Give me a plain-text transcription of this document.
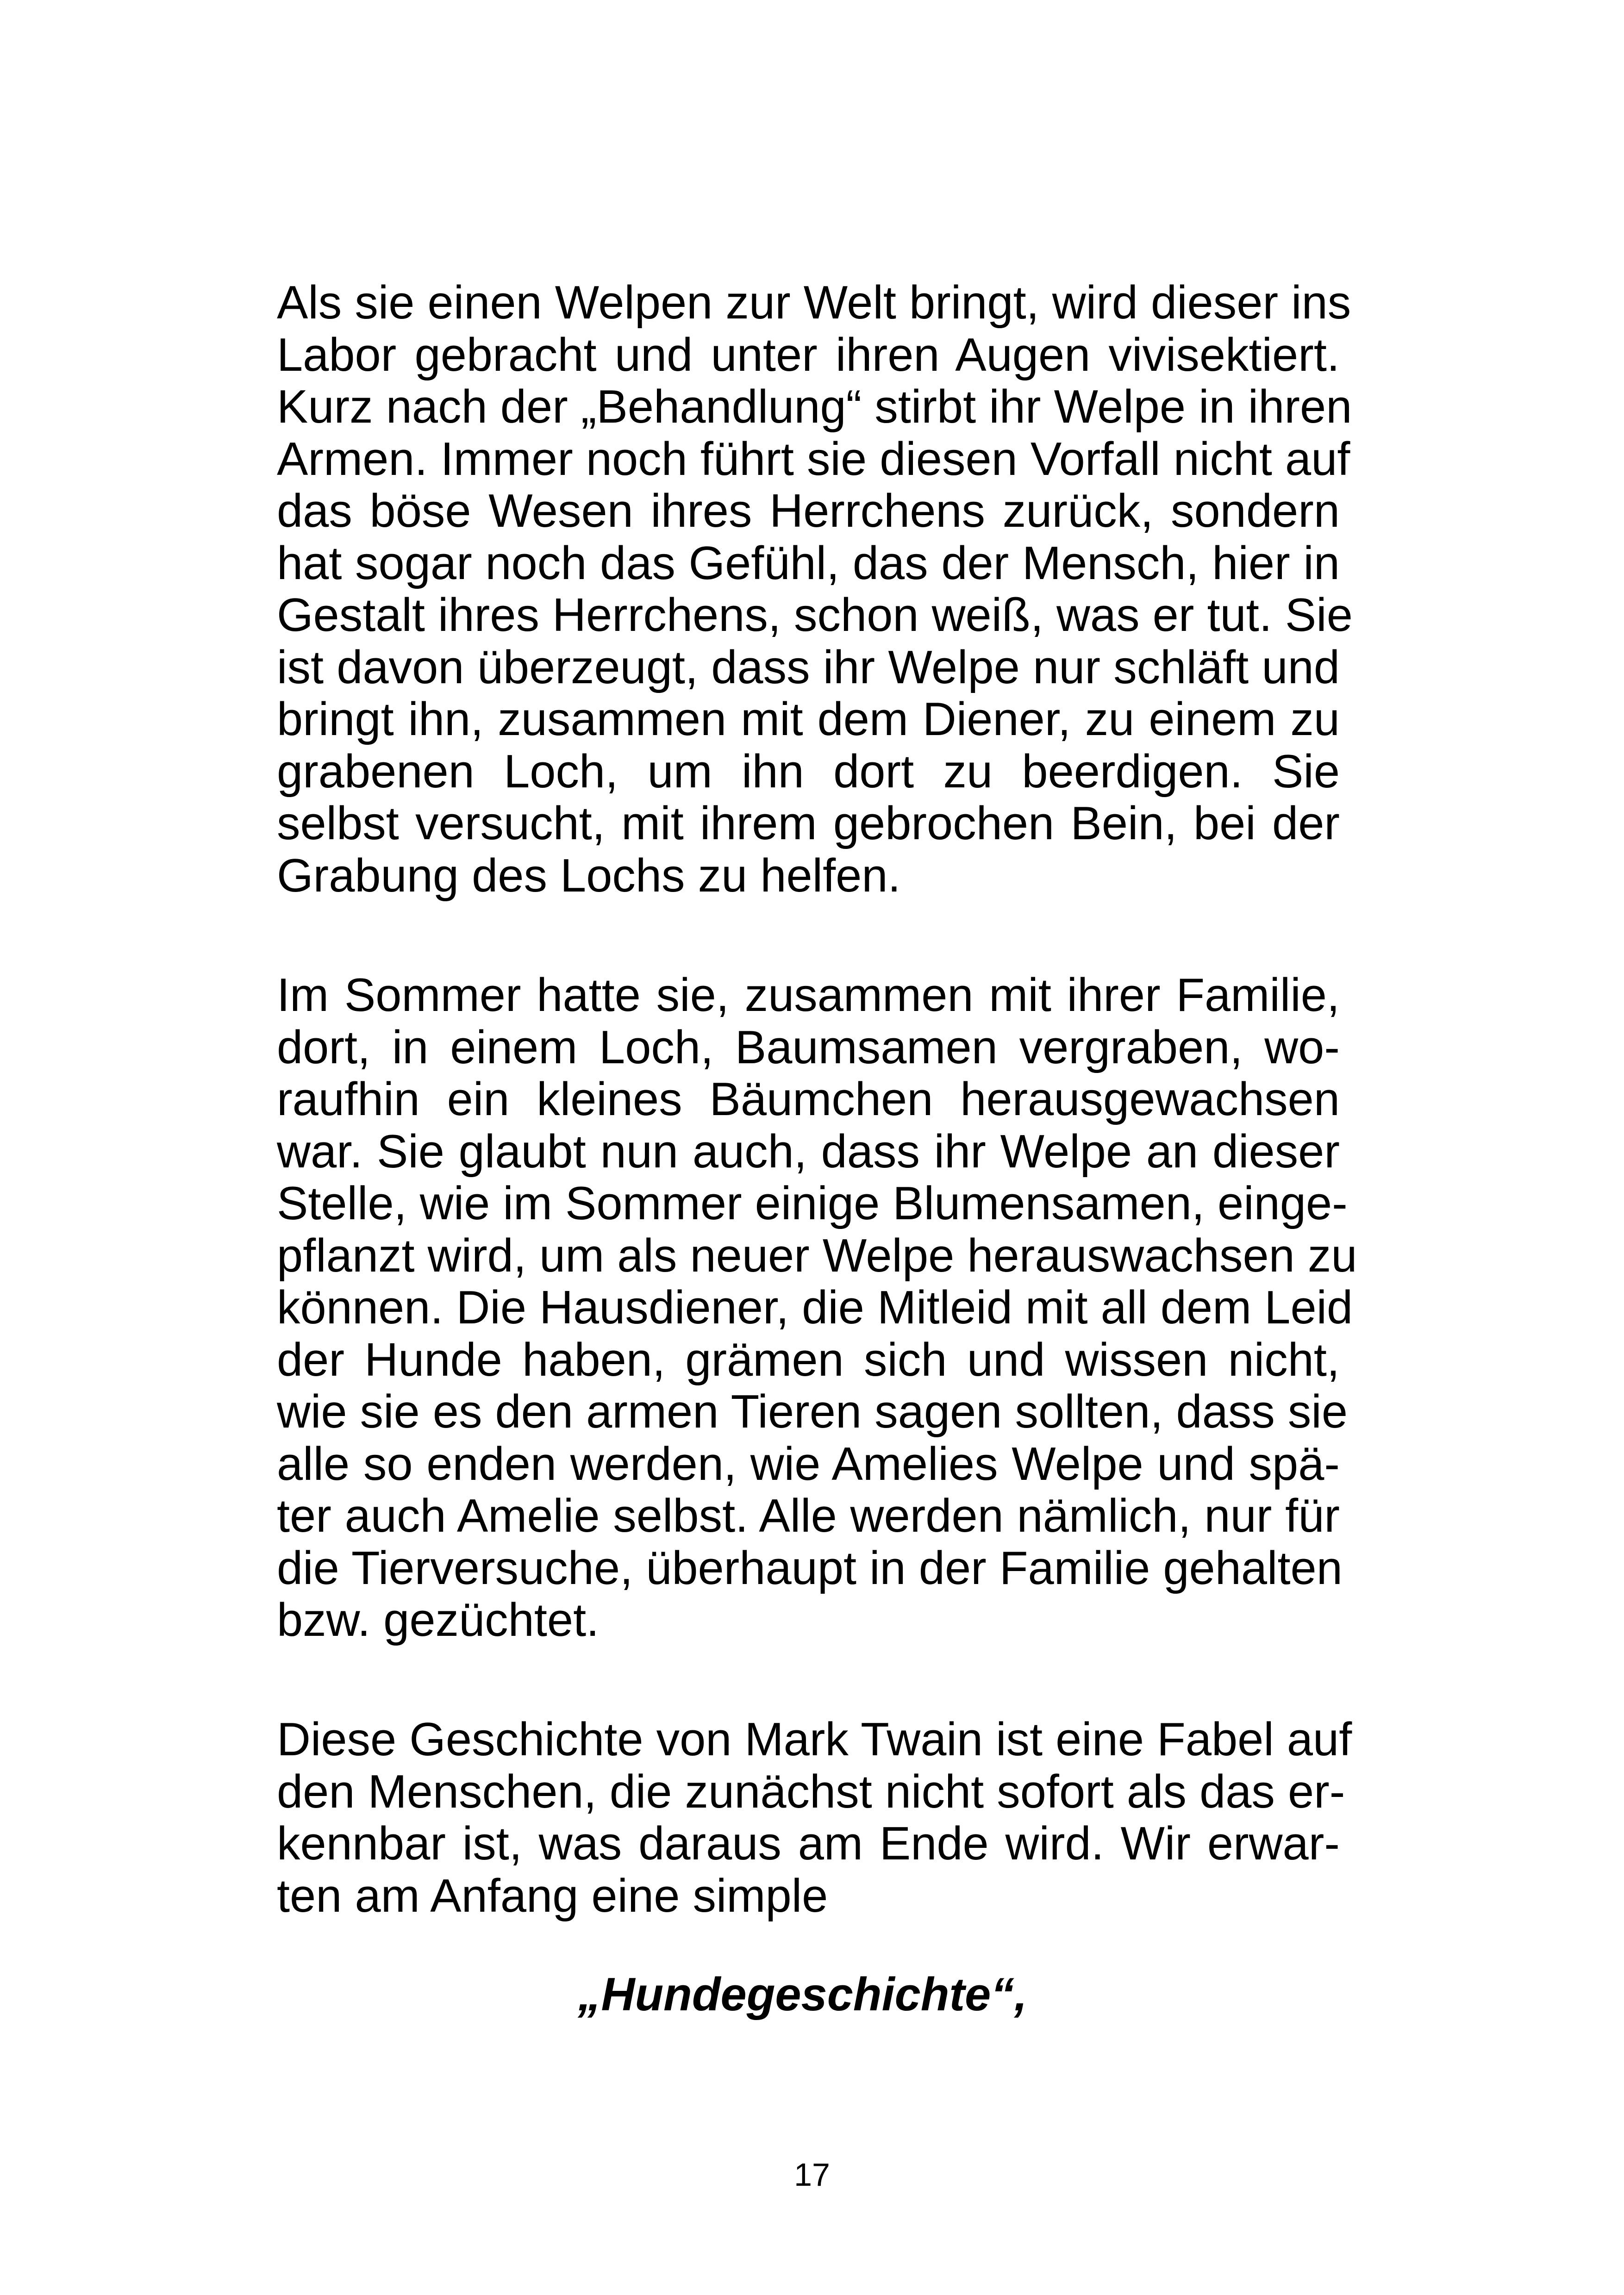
Als sie einen Welpen zur Welt bringt, wird dieser ins
Labor gebracht und unter ihren Augen vivisektiert.
Kurz nach der „Behandlung“ stirbt ihr Welpe in ihren
Armen. Immer noch führt sie diesen Vorfall nicht auf
das böse Wesen ihres Herrchens zurück, sondern
hat sogar noch das Gefühl, das der Mensch, hier in
Gestalt ihres Herrchens, schon weiß, was er tut. Sie
ist davon überzeugt, dass ihr Welpe nur schläft und
bringt ihn, zusammen mit dem Diener, zu einem zu
grabenen Loch, um ihn dort zu beerdigen. Sie
selbst versucht, mit ihrem gebrochen Bein, bei der
Grabung des Lochs zu helfen.
Im Sommer hatte sie, zusammen mit ihrer Familie,
dort, in einem Loch, Baumsamen vergraben, wo-
raufhin ein kleines Bäumchen herausgewachsen
war. Sie glaubt nun auch, dass ihr Welpe an dieser
Stelle, wie im Sommer einige Blumensamen, einge-
pflanzt wird, um als neuer Welpe herauswachsen zu
können. Die Hausdiener, die Mitleid mit all dem Leid
der Hunde haben, grämen sich und wissen nicht,
wie sie es den armen Tieren sagen sollten, dass sie
alle so enden werden, wie Amelies Welpe und spä-
ter auch Amelie selbst. Alle werden nämlich, nur für
die Tierversuche, überhaupt in der Familie gehalten
bzw. gezüchtet.
Diese Geschichte von Mark Twain ist eine Fabel auf
den Menschen, die zunächst nicht sofort als das er-
kennbar ist, was daraus am Ende wird. Wir erwar-
ten am Anfang eine simple
„Hundegeschichte“,
17
